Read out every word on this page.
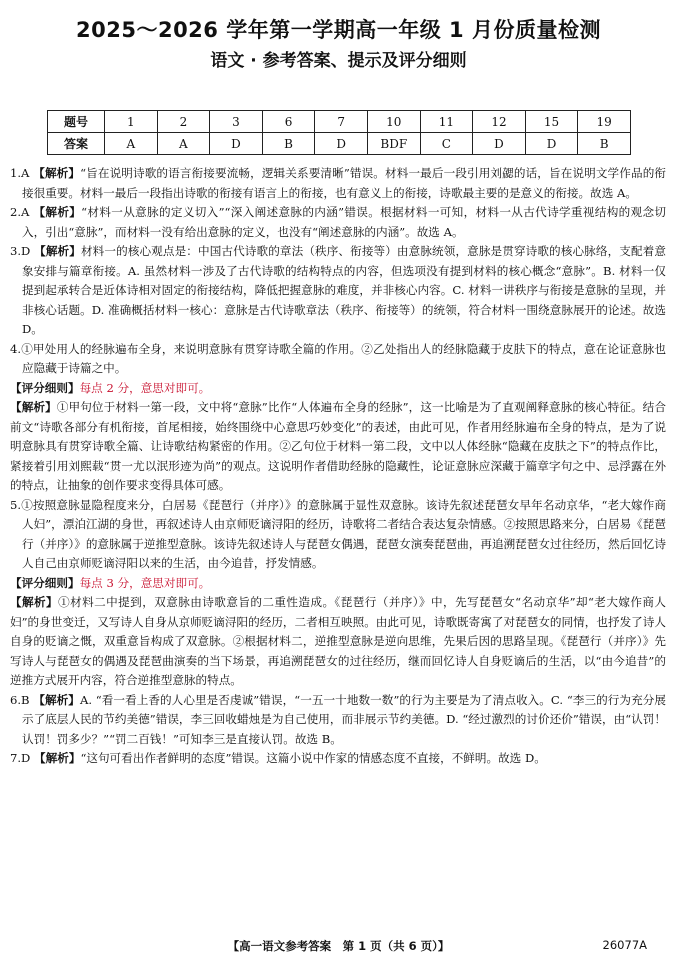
2025～2026 学年第一学期高一年级 1 月份质量检测
语文 · 参考答案、提示及评分细则
题号	1	2	3	6	7	10	11	12	15	19
答案	A	A	D	B	D	BDF	C	D	D	B

1.A 【解析】“旨在说明诗歌的语言衔接要流畅，逻辑关系要清晰”错误。材料一最后一段引用刘勰的话，旨在说明文学作品的衔接很重要。材料一最后一段指出诗歌的衔接有语言上的衔接，也有意义上的衔接，诗歌最主要的是意义的衔接。故选 A。

2.A 【解析】“材料一从意脉的定义切入”“深入阐述意脉的内涵”错误。根据材料一可知，材料一从古代诗学重视结构的观念切入，引出“意脉”，而材料一没有给出意脉的定义，也没有“阐述意脉的内涵”。故选 A。

3.D 【解析】材料一的核心观点是：中国古代诗歌的章法（秩序、衔接等）由意脉统领，意脉是贯穿诗歌的核心脉络，支配着意象安排与篇章衔接。A. 虽然材料一涉及了古代诗歌的结构特点的内容，但选项没有提到材料的核心概念“意脉”。B. 材料一仅提到起承转合是近体诗相对固定的衔接结构，降低把握意脉的难度，并非核心内容。C. 材料一讲秩序与衔接是意脉的呈现，并非核心话题。D. 准确概括材料一核心：意脉是古代诗歌章法（秩序、衔接等）的统领，符合材料一围绕意脉展开的论述。故选 D。

4.①甲处用人的经脉遍布全身，来说明意脉有贯穿诗歌全篇的作用。②乙处指出人的经脉隐藏于皮肤下的特点，意在论证意脉也应隐藏于诗篇之中。

【评分细则】每点 2 分，意思对即可。

【解析】①甲句位于材料一第一段，文中将“意脉”比作“人体遍布全身的经脉”，这一比喻是为了直观阐释意脉的核心特征。结合前文“诗歌各部分有机衔接，首尾相接，始终围绕中心意思巧妙变化”的表述，由此可见，作者用经脉遍布全身的特点，是为了说明意脉具有贯穿诗歌全篇、让诗歌结构紧密的作用。②乙句位于材料一第二段，文中以人体经脉“隐藏在皮肤之下”的特点作比，紧接着引用刘熙载“贯一尤以泯形迹为尚”的观点。这说明作者借助经脉的隐藏性，论证意脉应深藏于篇章字句之中、忌浮露在外的特点，让抽象的创作要求变得具体可感。

5.①按照意脉显隐程度来分，白居易《琵琶行（并序）》的意脉属于显性双意脉。该诗先叙述琵琶女早年名动京华，“老大嫁作商人妇”，漂泊江湖的身世，再叙述诗人由京师贬谪浔阳的经历，诗歌将二者结合表达复杂情感。②按照思路来分，白居易《琵琶行（并序）》的意脉属于逆推型意脉。该诗先叙述诗人与琵琶女偶遇，琵琶女演奏琵琶曲，再追溯琵琶女过往经历，然后回忆诗人自己由京师贬谪浔阳以来的生活，由今追昔，抒发情感。

【评分细则】每点 3 分，意思对即可。

【解析】①材料二中提到，双意脉由诗歌意旨的二重性造成。《琵琶行（并序）》中，先写琵琶女“名动京华”却“老大嫁作商人妇”的身世变迁，又写诗人自身从京师贬谪浔阳的经历，二者相互映照。由此可见，诗歌既寄寓了对琵琶女的同情，也抒发了诗人自身的贬谪之慨，双重意旨构成了双意脉。②根据材料二，逆推型意脉是逆向思维，先果后因的思路呈现。《琵琶行（并序）》先写诗人与琵琶女的偶遇及琵琶曲演奏的当下场景，再追溯琵琶女的过往经历，继而回忆诗人自身贬谪后的生活，以“由今追昔”的逆推方式展开内容，符合逆推型意脉的特点。

6.B 【解析】A. “看一看上香的人心里是否虔诚”错误，“一五一十地数一数”的行为主要是为了清点收入。C. “李三的行为充分展示了底层人民的节约美德”错误，李三回收蜡烛是为自己使用，而非展示节约美德。D. “经过激烈的讨价还价”错误，由“认罚！认罚！罚多少？”“罚二百钱！”可知李三是直接认罚。故选 B。

7.D 【解析】“这句可看出作者鲜明的态度”错误。这篇小说中作家的情感态度不直接，不鲜明。故选 D。

【高一语文参考答案　第 1 页（共 6 页）】	26077A
